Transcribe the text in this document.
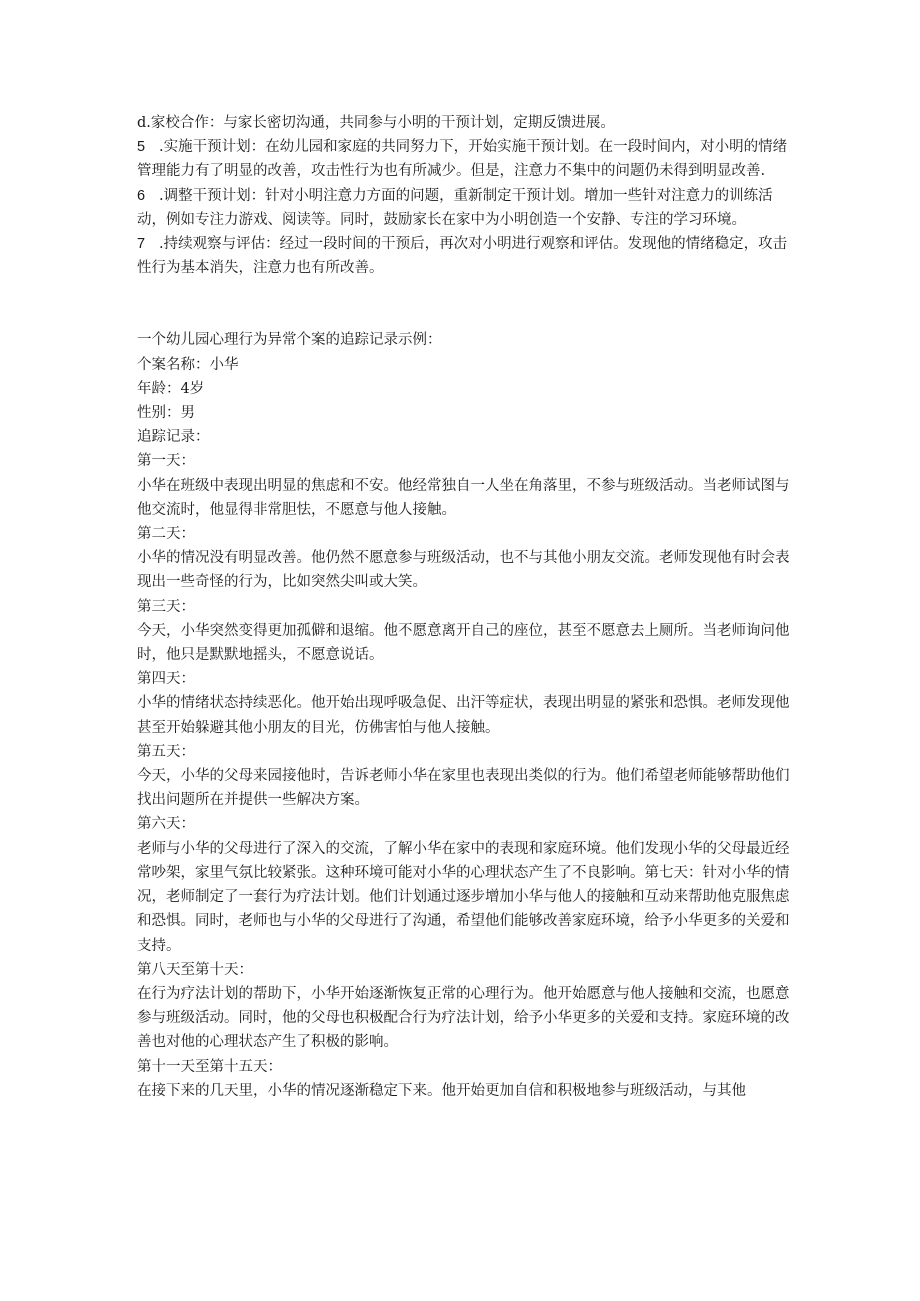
d.家校合作：与家长密切沟通，共同参与小明的干预计划，定期反馈进展。

5 .实施干预计划：在幼儿园和家庭的共同努力下，开始实施干预计划。在一段时间内，对小明的情绪管理能力有了明显的改善，攻击性行为也有所减少。但是，注意力不集中的问题仍未得到明显改善.

6 .调整干预计划：针对小明注意力方面的问题，重新制定干预计划。增加一些针对注意力的训练活动，例如专注力游戏、阅读等。同时，鼓励家长在家中为小明创造一个安静、专注的学习环境。

7 .持续观察与评估：经过一段时间的干预后，再次对小明进行观察和评估。发现他的情绪稳定，攻击性行为基本消失，注意力也有所改善。

一个幼儿园心理行为异常个案的追踪记录示例：

个案名称：小华

年龄：4岁

性别：男

追踪记录：

第一天：

小华在班级中表现出明显的焦虑和不安。他经常独自一人坐在角落里，不参与班级活动。当老师试图与他交流时，他显得非常胆怯，不愿意与他人接触。

第二天：

小华的情况没有明显改善。他仍然不愿意参与班级活动，也不与其他小朋友交流。老师发现他有时会表现出一些奇怪的行为，比如突然尖叫或大笑。

第三天：

今天，小华突然变得更加孤僻和退缩。他不愿意离开自己的座位，甚至不愿意去上厕所。当老师询问他时，他只是默默地摇头，不愿意说话。

第四天：

小华的情绪状态持续恶化。他开始出现呼吸急促、出汗等症状，表现出明显的紧张和恐惧。老师发现他甚至开始躲避其他小朋友的目光，仿佛害怕与他人接触。

第五天：

今天，小华的父母来园接他时，告诉老师小华在家里也表现出类似的行为。他们希望老师能够帮助他们找出问题所在并提供一些解决方案。

第六天：

老师与小华的父母进行了深入的交流，了解小华在家中的表现和家庭环境。他们发现小华的父母最近经常吵架，家里气氛比较紧张。这种环境可能对小华的心理状态产生了不良影响。第七天：针对小华的情况，老师制定了一套行为疗法计划。他们计划通过逐步增加小华与他人的接触和互动来帮助他克服焦虑和恐惧。同时，老师也与小华的父母进行了沟通，希望他们能够改善家庭环境，给予小华更多的关爱和支持。

第八天至第十天：

在行为疗法计划的帮助下，小华开始逐渐恢复正常的心理行为。他开始愿意与他人接触和交流，也愿意参与班级活动。同时，他的父母也积极配合行为疗法计划，给予小华更多的关爱和支持。家庭环境的改善也对他的心理状态产生了积极的影响。

第十一天至第十五天：

在接下来的几天里，小华的情况逐渐稳定下来。他开始更加自信和积极地参与班级活动，与其他
